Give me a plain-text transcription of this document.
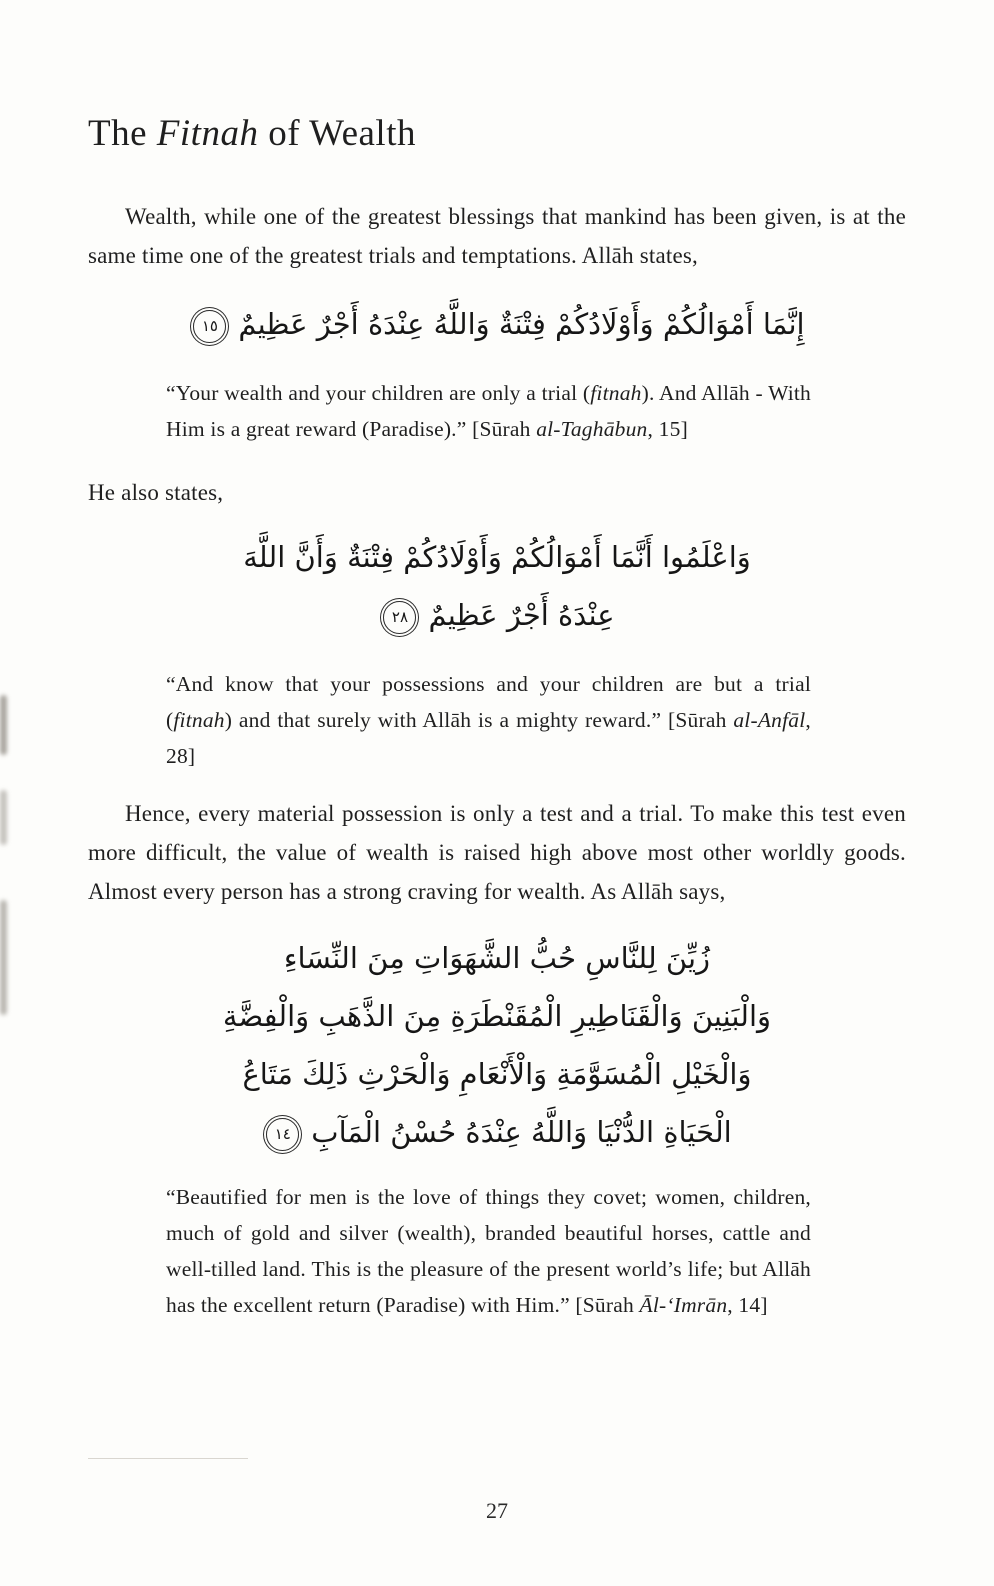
The Fitnah of Wealth

Wealth, while one of the greatest blessings that mankind has been given, is at the same time one of the greatest trials and temptations. Allāh states,

إِنَّمَا أَمْوَالُكُمْ وَأَوْلَادُكُمْ فِتْنَةٌ وَاللَّهُ عِنْدَهُ أَجْرٌ عَظِيمٌ١٥
“Your wealth and your children are only a trial (fitnah). And Allāh - With Him is a great reward (Paradise).” [Sūrah al-Taghābun, 15]

He also states,

وَاعْلَمُوا أَنَّمَا أَمْوَالُكُمْ وَأَوْلَادُكُمْ فِتْنَةٌ وَأَنَّ اللَّهَ
عِنْدَهُ أَجْرٌ عَظِيمٌ٢٨
“And know that your possessions and your children are but a trial (fitnah) and that surely with Allāh is a mighty reward.” [Sūrah al-Anfāl, 28]

Hence, every material possession is only a test and a trial. To make this test even more difficult, the value of wealth is raised high above most other worldly goods. Almost every person has a strong craving for wealth. As Allāh says,

زُيِّنَ لِلنَّاسِ حُبُّ الشَّهَوَاتِ مِنَ النِّسَاءِ
وَالْبَنِينَ وَالْقَنَاطِيرِ الْمُقَنْطَرَةِ مِنَ الذَّهَبِ وَالْفِضَّةِ
وَالْخَيْلِ الْمُسَوَّمَةِ وَالْأَنْعَامِ وَالْحَرْثِ ذَلِكَ مَتَاعُ
الْحَيَاةِ الدُّنْيَا وَاللَّهُ عِنْدَهُ حُسْنُ الْمَآبِ١٤
“Beautified for men is the love of things they covet; women, children, much of gold and silver (wealth), branded beautiful horses, cattle and well-tilled land. This is the pleasure of the present world’s life; but Allāh has the excellent return (Paradise) with Him.” [Sūrah Āl-‘Imrān, 14]
27
